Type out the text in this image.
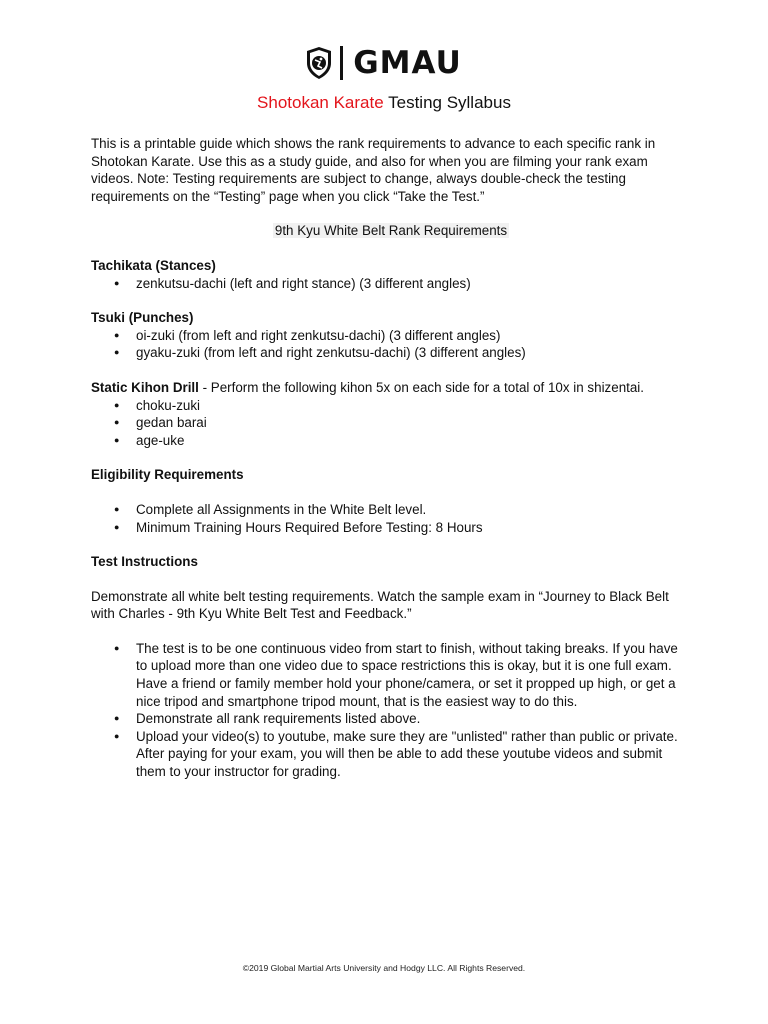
GMAU
Shotokan Karate Testing Syllabus

This is a printable guide which shows the rank requirements to advance to each specific rank in Shotokan Karate. Use this as a study guide, and also for when you are filming your rank exam videos. Note: Testing requirements are subject to change, always double-check the testing requirements on the “Testing” page when you click “Take the Test.”

9th Kyu White Belt Rank Requirements

Tachikata (Stances)

● zenkutsu-dachi (left and right stance) (3 different angles)

Tsuki (Punches)

● oi-zuki (from left and right zenkutsu-dachi) (3 different angles)
● gyaku-zuki (from left and right zenkutsu-dachi) (3 different angles)

Static Kihon Drill - Perform the following kihon 5x on each side for a total of 10x in shizentai.

● choku-zuki
● gedan barai
● age-uke

Eligibility Requirements

● Complete all Assignments in the White Belt level.
● Minimum Training Hours Required Before Testing: 8 Hours

Test Instructions

Demonstrate all white belt testing requirements. Watch the sample exam in “Journey to Black Belt with Charles - 9th Kyu White Belt Test and Feedback.”

● The test is to be one continuous video from start to finish, without taking breaks. If you have to upload more than one video due to space restrictions this is okay, but it is one full exam. Have a friend or family member hold your phone/camera, or set it propped up high, or get a nice tripod and smartphone tripod mount, that is the easiest way to do this.
● Demonstrate all rank requirements listed above.
● Upload your video(s) to youtube, make sure they are "unlisted" rather than public or private. After paying for your exam, you will then be able to add these youtube videos and submit them to your instructor for grading.
©2019 Global Martial Arts University and Hodgy LLC. All Rights Reserved.
